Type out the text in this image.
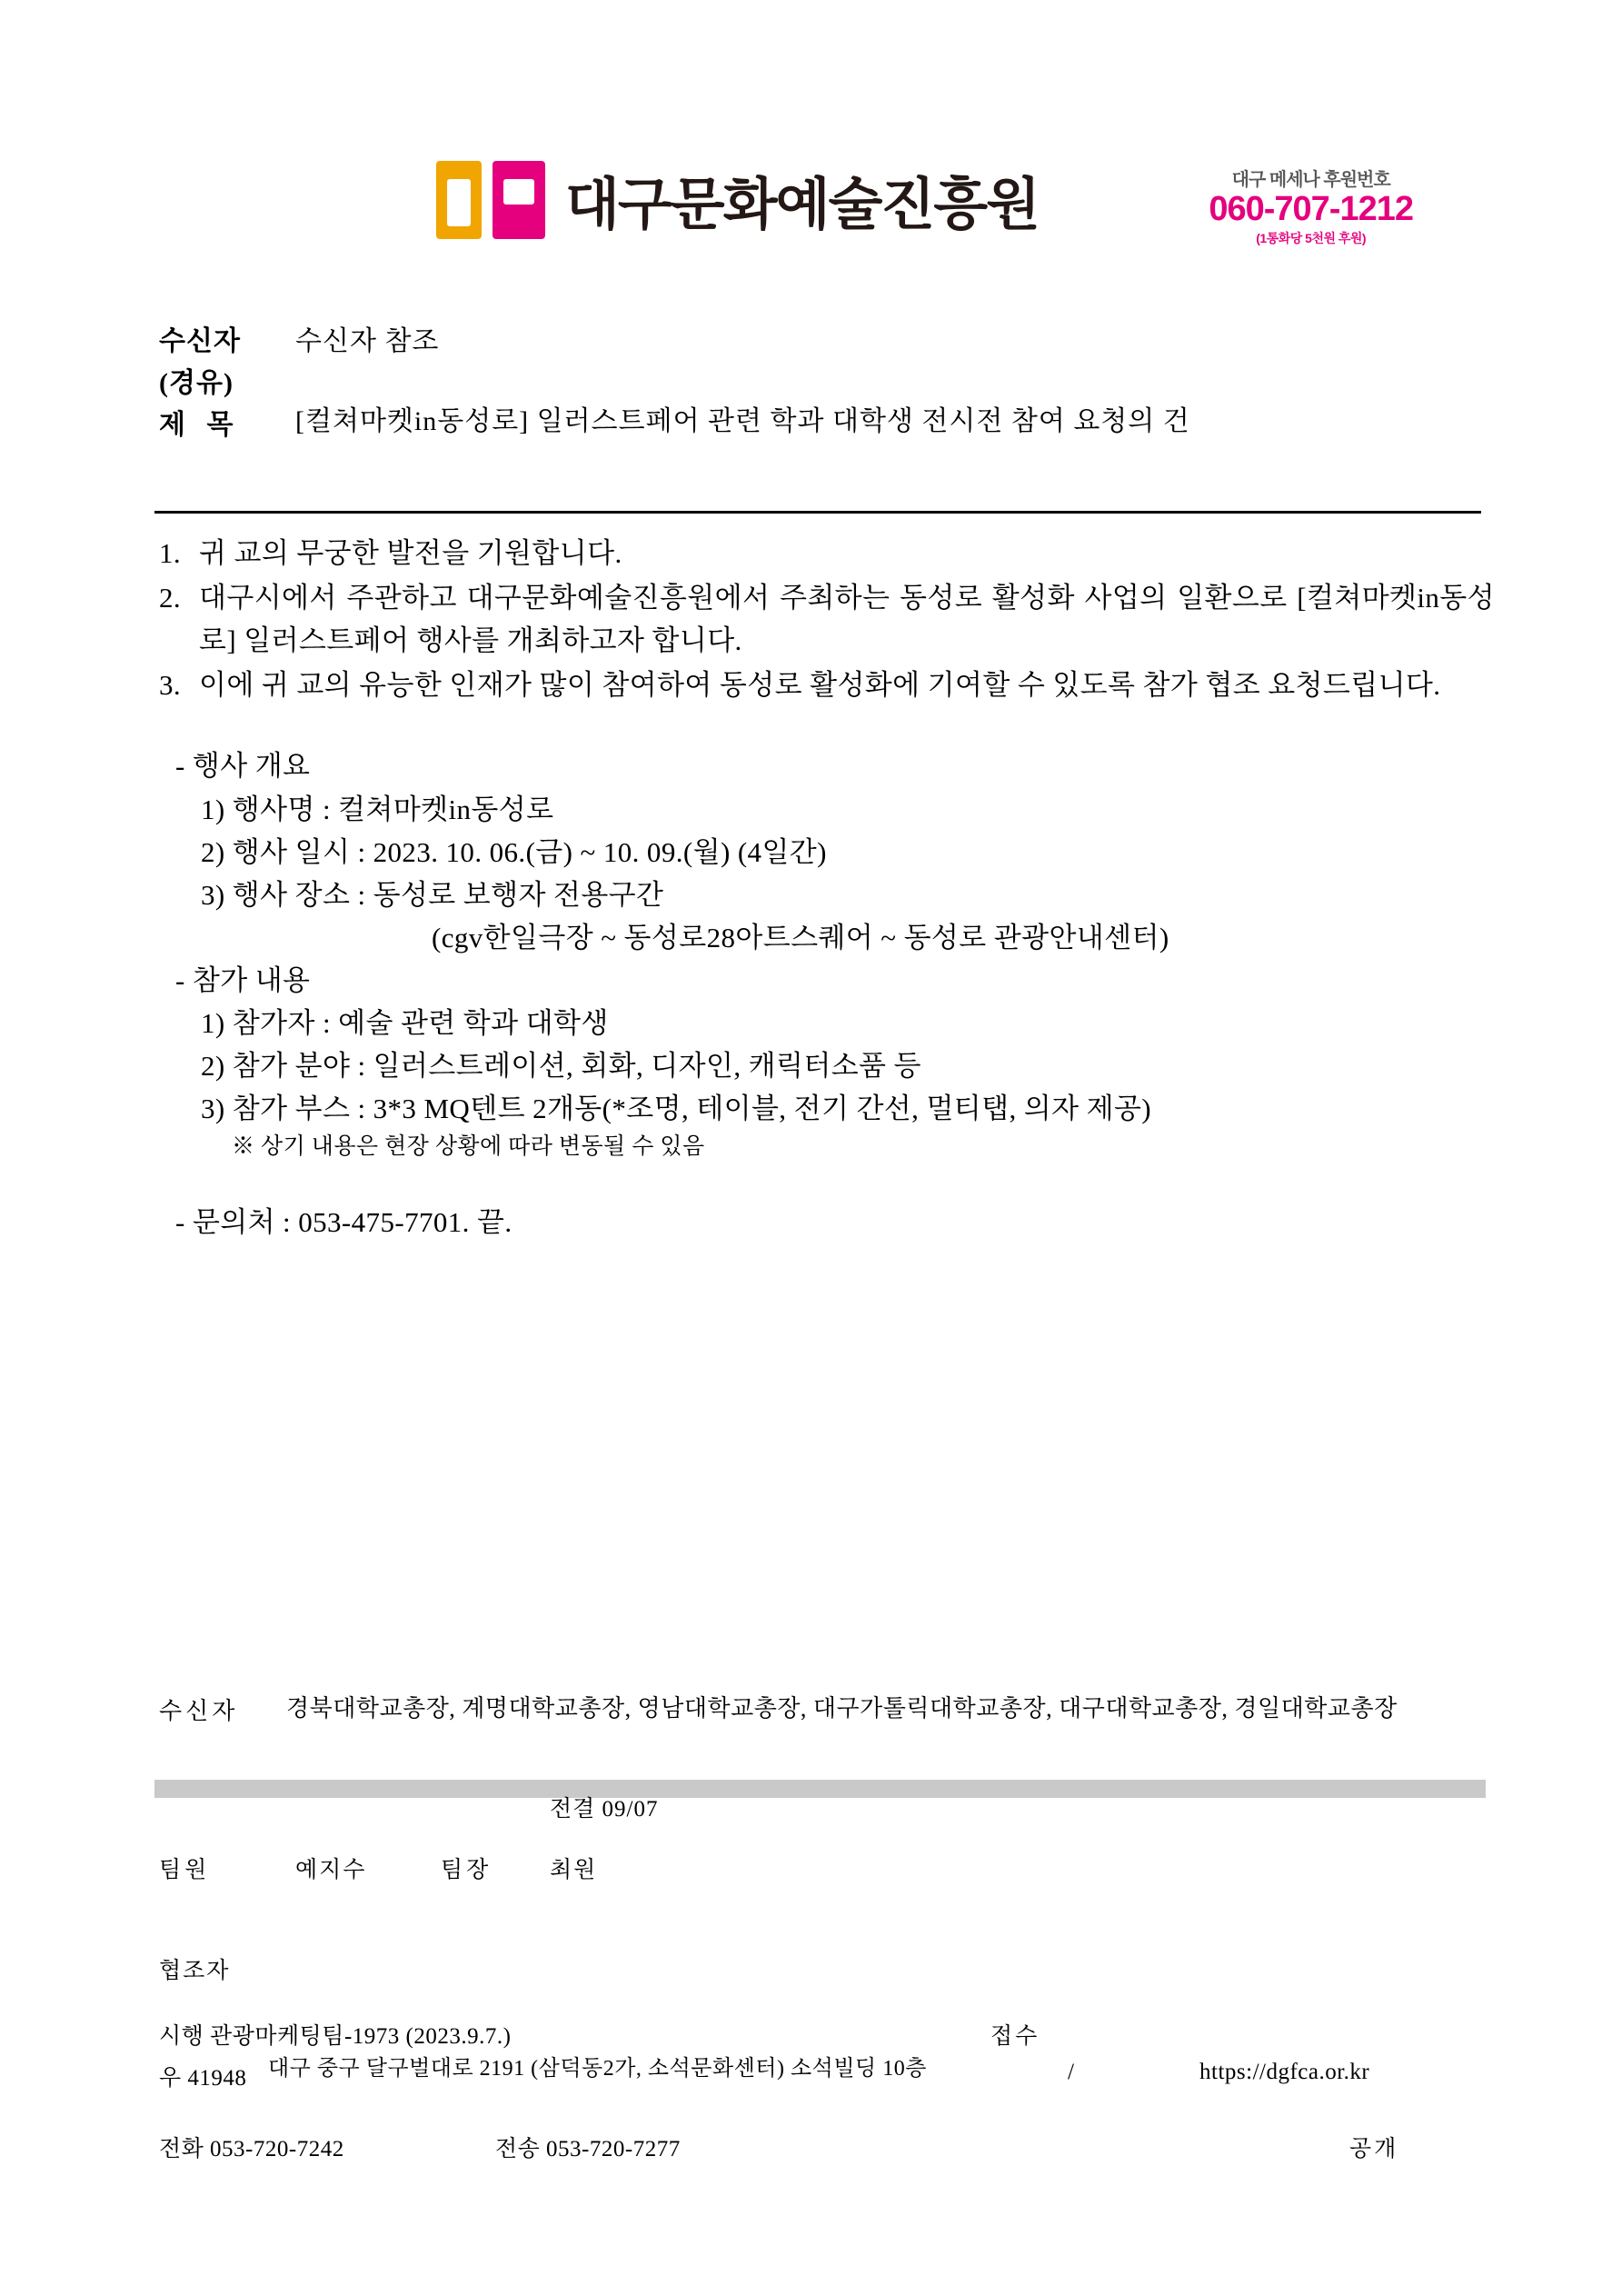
대구문화예술진흥원	대구 메세나 후원번호
060-707-1212
(1통화당 5천원 후원)
수신자	수신자 참조
(경유)
제 목	[컬쳐마켓in동성로] 일러스트페어 관련 학과 대학생 전시전 참여 요청의 건
1. 귀 교의 무궁한 발전을 기원합니다.
2. 대구시에서 주관하고 대구문화예술진흥원에서 주최하는 동성로 활성화 사업의 일환으로 [컬쳐마켓in동성로] 일러스트페어 행사를 개최하고자 합니다.
3. 이에 귀 교의 유능한 인재가 많이 참여하여 동성로 활성화에 기여할 수 있도록 참가 협조 요청드립니다.
- 행사 개요
1) 행사명 : 컬쳐마켓in동성로
2) 행사 일시 : 2023. 10. 06.(금) ~ 10. 09.(월) (4일간)
3) 행사 장소 : 동성로 보행자 전용구간
(cgv한일극장 ~ 동성로28아트스퀘어 ~ 동성로 관광안내센터)
- 참가 내용
1) 참가자 : 예술 관련 학과 대학생
2) 참가 분야 : 일러스트레이션, 회화, 디자인, 캐릭터소품 등
3) 참가 부스 : 3*3 MQ텐트 2개동(*조명, 테이블, 전기 간선, 멀티탭, 의자 제공)
※ 상기 내용은 현장 상황에 따라 변동될 수 있음
- 문의처 : 053-475-7701. 끝.
수신자	경북대학교총장, 계명대학교총장, 영남대학교총장, 대구가톨릭대학교총장, 대구대학교총장, 경일대학교총장
전결 09/07
팀원	예지수	팀장	최원
협조자
시행 관광마케팅팀-1973 (2023.9.7.)	접수
우 41948 대구 중구 달구벌대로 2191 (삼덕동2가, 소석문화센터) 소석빌딩 10층	/	https://dgfca.or.kr
전화 053-720-7242	전송 053-720-7277	공개
